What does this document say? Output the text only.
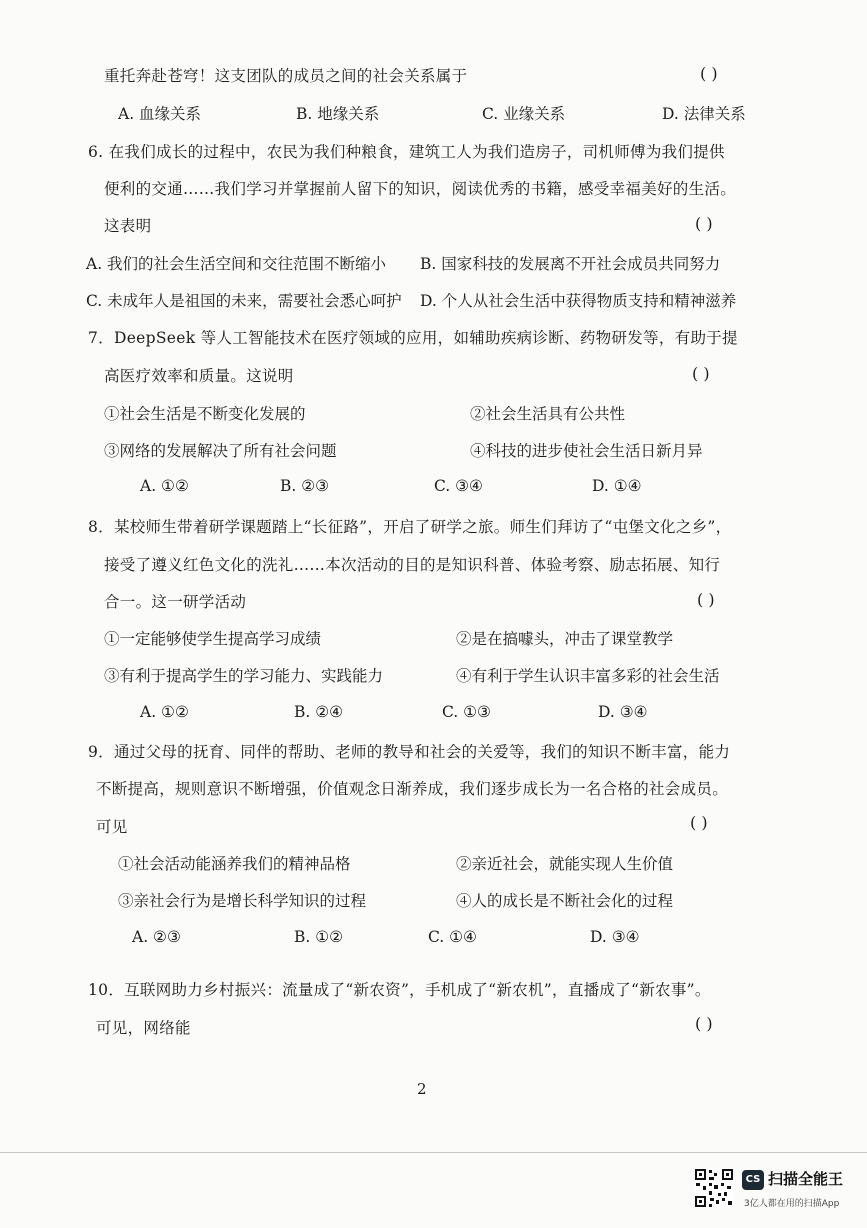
重托奔赴苍穹！这支团队的成员之间的社会关系属于	( )
A. 血缘关系	B. 地缘关系	C. 业缘关系	D. 法律关系
6. 在我们成长的过程中，农民为我们种粮食，建筑工人为我们造房子，司机师傅为我们提供
便利的交通……我们学习并掌握前人留下的知识，阅读优秀的书籍，感受幸福美好的生活。
这表明	( )
A. 我们的社会生活空间和交往范围不断缩小 B. 国家科技的发展离不开社会成员共同努力
C. 未成年人是祖国的未来，需要社会悉心呵护 D. 个人从社会生活中获得物质支持和精神滋养
7．DeepSeek 等人工智能技术在医疗领域的应用，如辅助疾病诊断、药物研发等，有助于提
高医疗效率和质量。这说明	( )
①社会生活是不断变化发展的	②社会生活具有公共性
③网络的发展解决了所有社会问题	④科技的进步使社会生活日新月异
A. ①②	B. ②③	C. ③④	D. ①④
8．某校师生带着研学课题踏上“长征路”，开启了研学之旅。师生们拜访了“屯堡文化之乡”，
接受了遵义红色文化的洗礼……本次活动的目的是知识科普、体验考察、励志拓展、知行
合一。这一研学活动	( )
①一定能够使学生提高学习成绩	②是在搞噱头，冲击了课堂教学
③有利于提高学生的学习能力、实践能力	④有利于学生认识丰富多彩的社会生活
A. ①②	B. ②④	C. ①③	D. ③④
9．通过父母的抚育、同伴的帮助、老师的教导和社会的关爱等，我们的知识不断丰富，能力
不断提高，规则意识不断增强，价值观念日渐养成，我们逐步成长为一名合格的社会成员。
可见	( )
①社会活动能涵养我们的精神品格	②亲近社会，就能实现人生价值
③亲社会行为是增长科学知识的过程	④人的成长是不断社会化的过程
A. ②③	B. ①②	C. ①④	D. ③④
10．互联网助力乡村振兴：流量成了“新农资”，手机成了“新农机”，直播成了“新农事”。
可见，网络能	( )
2
CS 扫描全能王
3亿人都在用的扫描App
